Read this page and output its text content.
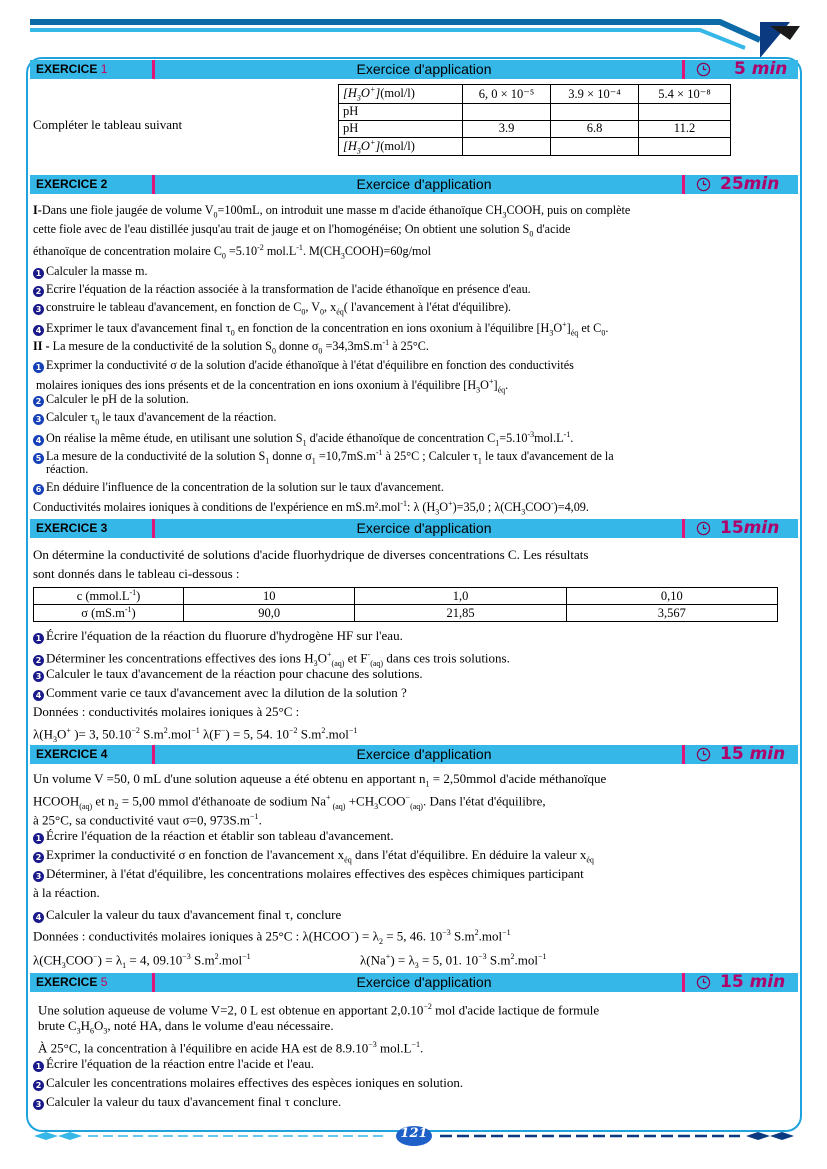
EXERCICE 1	Exercice d'application	5 min
Compléter le tableau suivant
$[H_3O^+](mol/l)$	6, 0 × 10⁻⁵	3.9 × 10⁻⁴	5.4 × 10⁻⁸
pH			
pH	3.9	6.8	11.2
$[H_3O^+](mol/l)$			
EXERCICE 2	Exercice d'application	25min
I-Dans une fiole jaugée de volume $V_0=100mL$, on introduit une masse m d'acide éthanoïque $CH_3COOH$, puis on complète
cette fiole avec de l'eau distillée jusqu'au trait de jauge et on l'homogénéise; On obtient une solution $S_0$ d'acide
éthanoïque de concentration molaire $C_0 =5.10^{-2}$ $mol.L^{-1}$. $M(CH_3COOH)=60g$/mol
1 Calculer la masse m.
2 Ecrire l'équation de la réaction associée à la transformation de l'acide éthanoïque en présence d'eau.
3 construire le tableau d'avancement, en fonction de $C_0$, $V_0$, $x_{éq}$( l'avancement à l'état d'équilibre).
4 Exprimer le taux d'avancement final $\tau_0$ en fonction de la concentration en ions oxonium à l'équilibre $[H_3O^+]_{éq}$ et $C_0$.
II - La mesure de la conductivité de la solution $S_0$ donne $\sigma_0 =34,3mS.m^{-1}$ à 25°C.
1 Exprimer la conductivité σ de la solution d'acide éthanoïque à l'état d'équilibre en fonction des conductivités
molaires ioniques des ions présents et de la concentration en ions oxonium à l'équilibre $[H_3O^+]_{éq}$.
2 Calculer le pH de la solution.
3 Calculer $\tau_0$ le taux d'avancement de la réaction.
4 On réalise la même étude, en utilisant une solution $S_1$ d'acide éthanoïque de concentration $C_1=5.10^{-3}mol.L^{-1}$.
5 La mesure de la conductivité de la solution $S_1$ donne $\sigma_1 =10,7mS.m^{-1}$ à 25°C ; Calculer $\tau_1$ le taux d'avancement de la
réaction.
6 En déduire l'influence de la concentration de la solution sur le taux d'avancement.
Conductivités molaires ioniques à conditions de l'expérience en mS.m².mol$^{-1}$: λ $(H_3O^+)=35,0$ ; $\lambda(CH_3COO^-)=4,09$.
EXERCICE 3	Exercice d'application	15min
On détermine la conductivité de solutions d'acide fluorhydrique de diverses concentrations C. Les résultats
sont donnés dans le tableau ci-dessous :
c $(mmol.L^{-1})$	10	1,0	0,10
σ $(mS.m^{-1})$	90,0	21,85	3,567
1 Écrire l'équation de la réaction du fluorure d'hydrogène HF sur l'eau.
2 Déterminer les concentrations effectives des ions $H_3O^+_{(aq)}$ et $F^-_{(aq)}$ dans ces trois solutions.
3 Calculer le taux d'avancement de la réaction pour chacune des solutions.
4 Comment varie ce taux d'avancement avec la dilution de la solution ?
Données : conductivités molaires ioniques à 25°C :
$\lambda(H_3O^+$ )= 3, $50.10^{-2}$ $S.m^2.mol^{-1}$ λ(F−) = 5, 54. $10^{-2}$ $S.m^2.mol^{-1}$
EXERCICE 4	Exercice d'application	15 min
Un volume V =50, 0 mL d'une solution aqueuse a été obtenu en apportant $n_1$ = 2,50mmol d'acide méthanoïque
$HCOOH_{(aq)}$ et $n_2 = 5,00$ mmol d'éthanoate de sodium Na+ $_{(aq)} +CH_3COO^-_{(aq)}$. Dans l'état d'équilibre,
à 25°C, sa conductivité vaut σ=0, $973S.m^{-1}$.
1 Écrire l'équation de la réaction et établir son tableau d'avancement.
2 Exprimer la conductivité σ en fonction de l'avancement $x_{éq}$ dans l'état d'équilibre. En déduire la valeur $x_{éq}$
3 Déterminer, à l'état d'équilibre, les concentrations molaires effectives des espèces chimiques participant
à la réaction.
4 Calculer la valeur du taux d'avancement final τ, conclure
Données : conductivités molaires ioniques à 25°C : λ(HCOO−) = $\lambda_2 = 5$, 46. $10^{-3}$ $S.m^2.mol^{-1}$
$\lambda(CH_3COO^-) = \lambda_1 = 4$, $09.10^{-3}$ $S.m^2.mol^{-1}$	$\lambda(Na^+) = \lambda_3 = 5$, 01. $10^{-3}$ $S.m^2.mol^{-1}$
EXERCICE 5	Exercice d'application	15 min
Une solution aqueuse de volume V=2, 0 L est obtenue en apportant $2,0.10^{-2}$ mol d'acide lactique de formule
brute $C_3H_6O_3$, noté HA, dans le volume d'eau nécessaire.
À 25°C, la concentration à l'équilibre en acide HA est de $8.9.10^{-3}$ $mol.L^{-1}$.
1 Écrire l'équation de la réaction entre l'acide et l'eau.
2 Calculer les concentrations molaires effectives des espèces ioniques en solution.
3 Calculer la valeur du taux d'avancement final τ conclure.
121
